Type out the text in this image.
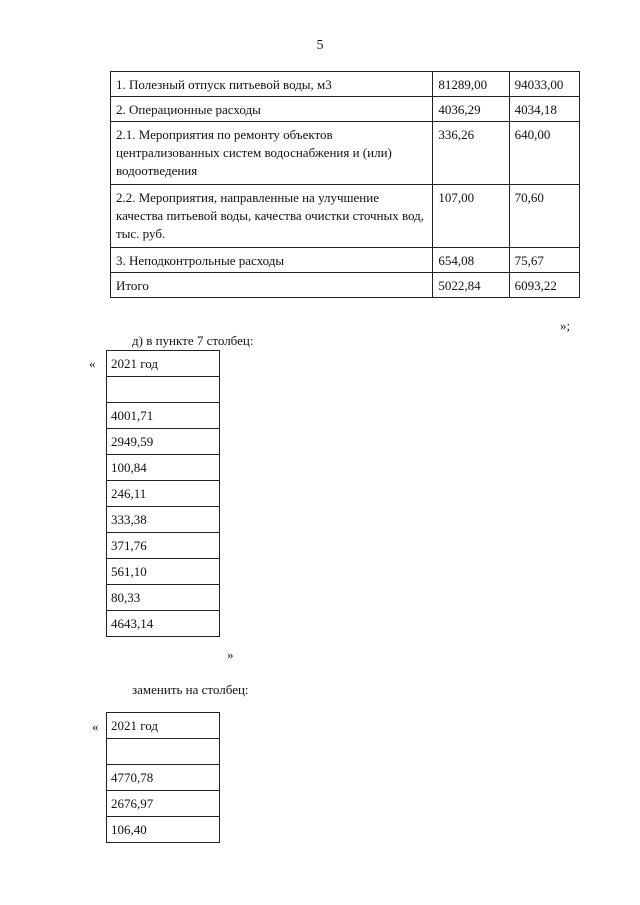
5
1. Полезный отпуск питьевой воды, м3	81289,00	94033,00
2. Операционные расходы	4036,29	4034,18
2.1. Мероприятия по ремонту объектов централизованных систем водоснабжения и (или) водоотведения	336,26	640,00
2.2. Мероприятия, направленные на улучшение качества питьевой воды, качества очистки сточных вод, тыс. руб.	107,00	70,60
3. Неподконтрольные расходы	654,08	75,67
Итого	5022,84	6093,22
»;
д) в пункте 7 столбец:
« 2021 год

4001,71
2949,59
100,84
246,11
333,38
371,76
561,10
80,33
4643,14
»
заменить на столбец:
« 2021 год

4770,78
2676,97
106,40
